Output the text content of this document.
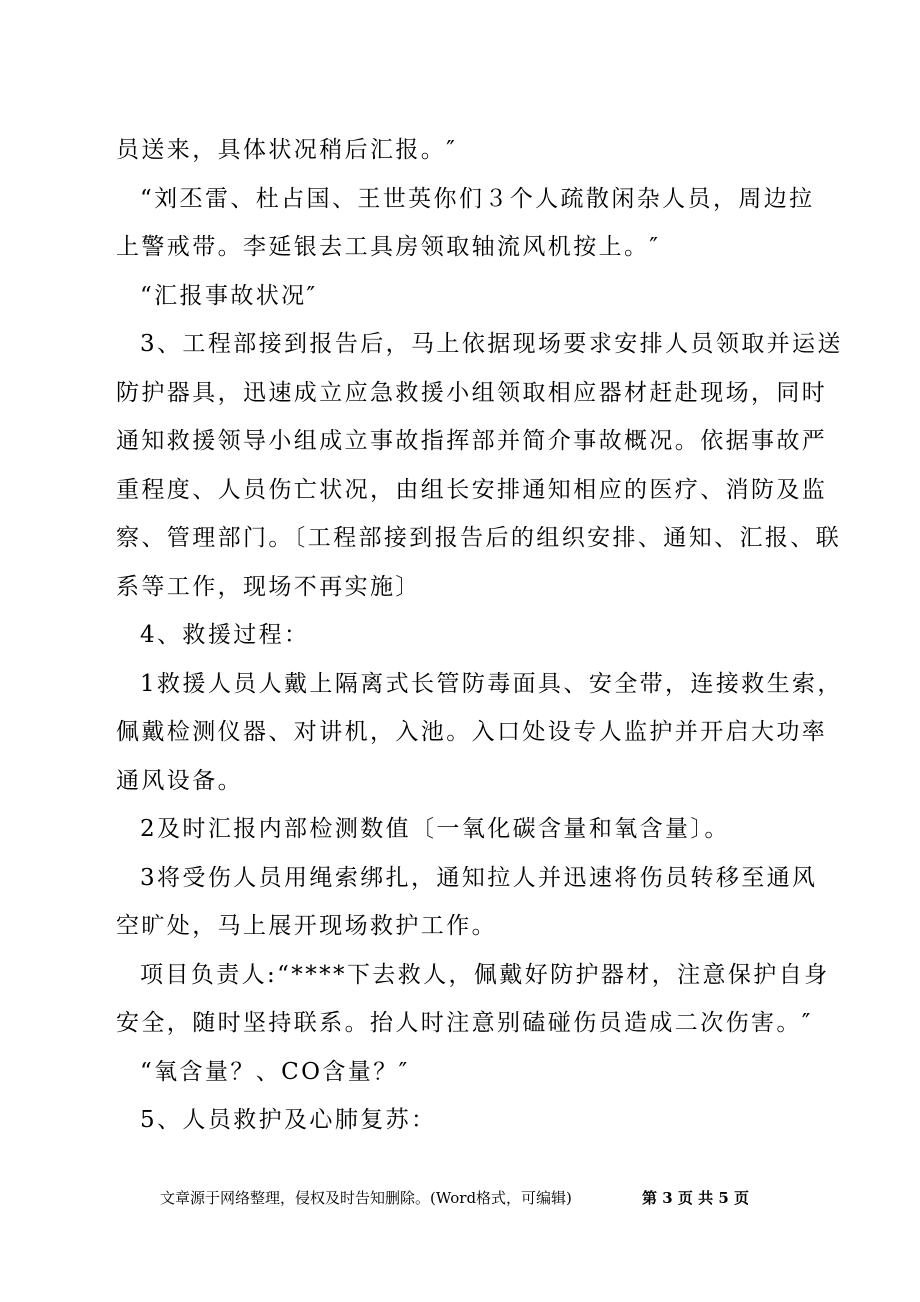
员送来，具体状况稍后汇报。″
“刘丕雷、杜占国、王世英你们３个人疏散闲杂人员，周边拉
上警戒带。李延银去工具房领取轴流风机按上。″
“汇报事故状况″
3、工程部接到报告后，马上依据现场要求安排人员领取并运送
防护器具，迅速成立应急救援小组领取相应器材赶赴现场，同时
通知救援领导小组成立事故指挥部并简介事故概况。依据事故严
重程度、人员伤亡状况，由组长安排通知相应的医疗、消防及监
察、管理部门。〔工程部接到报告后的组织安排、通知、汇报、联
系等工作，现场不再实施〕
4、救援过程：
1救援人员人戴上隔离式长管防毒面具、安全带，连接救生索，
佩戴检测仪器、对讲机，入池。入口处设专人监护并开启大功率
通风设备。
2及时汇报内部检测数值〔一氧化碳含量和氧含量〕。
3将受伤人员用绳索绑扎，通知拉人并迅速将伤员转移至通风
空旷处，马上展开现场救护工作。
项目负责人:“****下去救人，佩戴好防护器材，注意保护自身
安全，随时坚持联系。抬人时注意别磕碰伤员造成二次伤害。″
“氧含量？、CO含量？″
5、人员救护及心肺复苏：
文章源于网络整理，侵权及时告知删除。(Word格式，可编辑)	第 3 页 共 5 页
